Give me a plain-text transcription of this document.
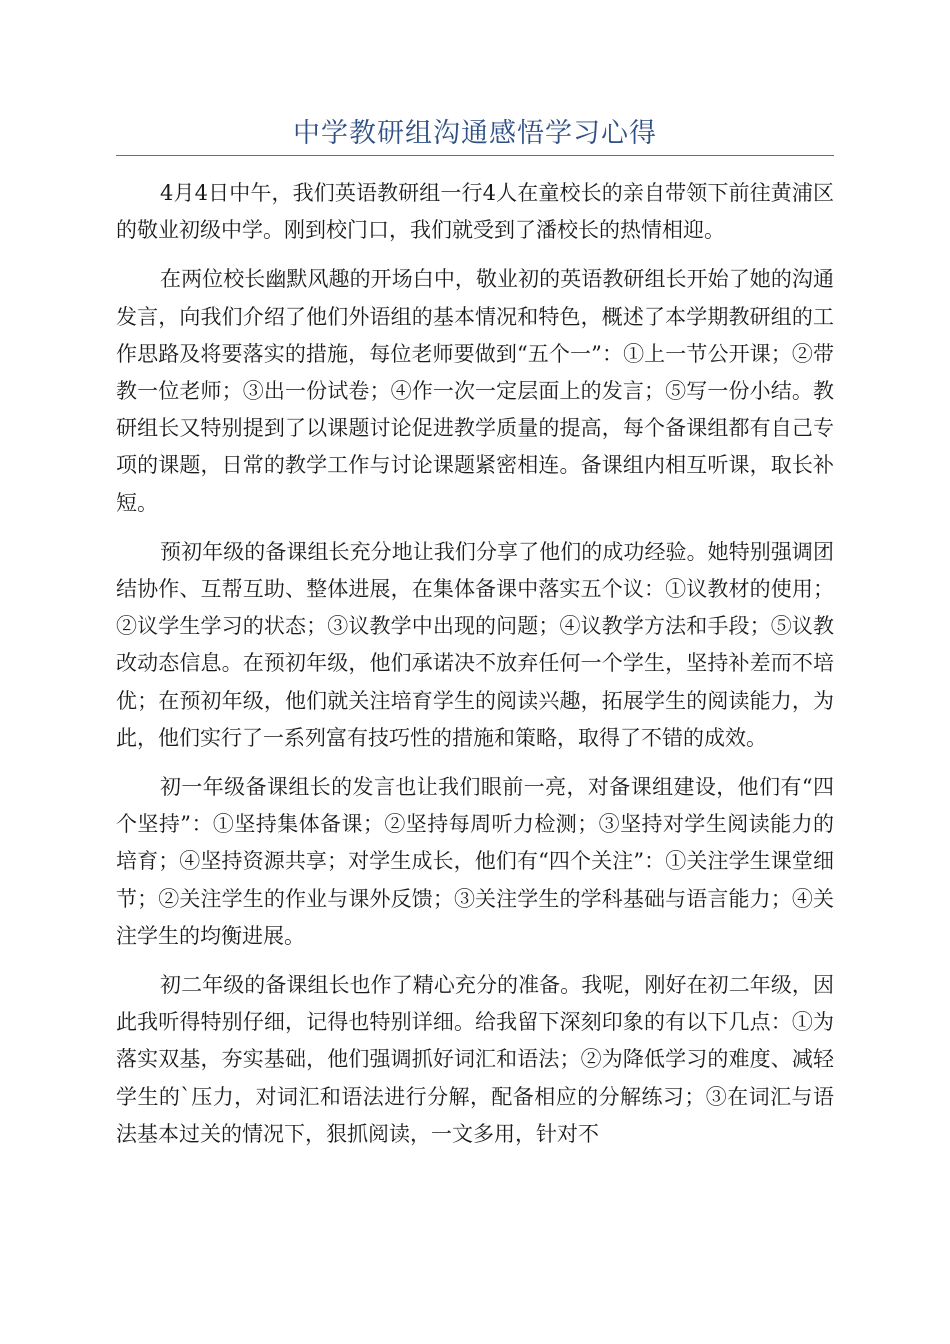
中学教研组沟通感悟学习心得

4月4日中午，我们英语教研组一行4人在童校长的亲自带领下前往黄浦区的敬业初级中学。刚到校门口，我们就受到了潘校长的热情相迎。

在两位校长幽默风趣的开场白中，敬业初的英语教研组长开始了她的沟通发言，向我们介绍了他们外语组的基本情况和特色，概述了本学期教研组的工作思路及将要落实的措施，每位老师要做到“五个一”：①上一节公开课；②带教一位老师；③出一份试卷；④作一次一定层面上的发言；⑤写一份小结。教研组长又特别提到了以课题讨论促进教学质量的提高，每个备课组都有自己专项的课题，日常的教学工作与讨论课题紧密相连。备课组内相互听课，取长补短。

预初年级的备课组长充分地让我们分享了他们的成功经验。她特别强调团结协作、互帮互助、整体进展，在集体备课中落实五个议：①议教材的使用；②议学生学习的状态；③议教学中出现的问题；④议教学方法和手段；⑤议教改动态信息。在预初年级，他们承诺决不放弃任何一个学生，坚持补差而不培优；在预初年级，他们就关注培育学生的阅读兴趣，拓展学生的阅读能力，为此，他们实行了一系列富有技巧性的措施和策略，取得了不错的成效。

初一年级备课组长的发言也让我们眼前一亮，对备课组建设，他们有“四个坚持”：①坚持集体备课；②坚持每周听力检测；③坚持对学生阅读能力的培育；④坚持资源共享；对学生成长，他们有“四个关注”：①关注学生课堂细节；②关注学生的作业与课外反馈；③关注学生的学科基础与语言能力；④关注学生的均衡进展。

初二年级的备课组长也作了精心充分的准备。我呢，刚好在初二年级，因此我听得特别仔细，记得也特别详细。给我留下深刻印象的有以下几点：①为落实双基，夯实基础，他们强调抓好词汇和语法；②为降低学习的难度、减轻学生的`压力，对词汇和语法进行分解，配备相应的分解练习；③在词汇与语法基本过关的情况下，狠抓阅读，一文多用，针对不
